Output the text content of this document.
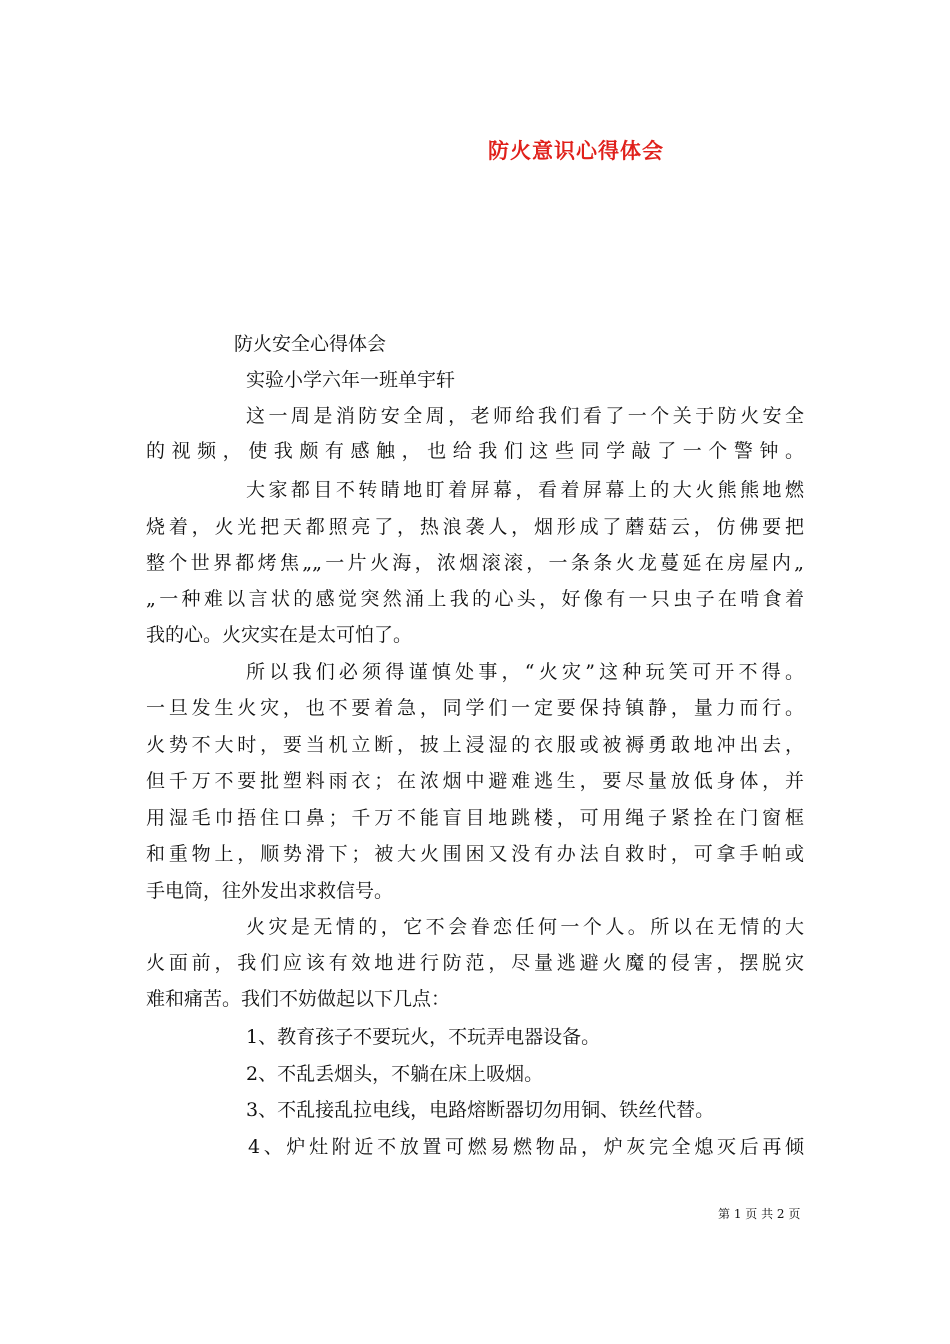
防火意识心得体会
防火安全心得体会
实验小学六年一班单宇轩
这一周是消防安全周，老师给我们看了一个关于防火安全
的视频，使我颇有感触，也给我们这些同学敲了一个警钟。
大家都目不转睛地盯着屏幕，看着屏幕上的大火熊熊地燃
烧着，火光把天都照亮了，热浪袭人，烟形成了蘑菇云，仿佛要把
整个世界都烤焦„„一片火海，浓烟滚滚，一条条火龙蔓延在房屋内„
„一种难以言状的感觉突然涌上我的心头，好像有一只虫子在啃食着
我的心。火灾实在是太可怕了。
所以我们必须得谨慎处事，“火灾”这种玩笑可开不得。
一旦发生火灾，也不要着急，同学们一定要保持镇静，量力而行。
火势不大时，要当机立断，披上浸湿的衣服或被褥勇敢地冲出去，
但千万不要批塑料雨衣；在浓烟中避难逃生，要尽量放低身体，并
用湿毛巾捂住口鼻；千万不能盲目地跳楼，可用绳子紧拴在门窗框
和重物上，顺势滑下；被大火围困又没有办法自救时，可拿手帕或
手电筒，往外发出求救信号。
火灾是无情的，它不会眷恋任何一个人。所以在无情的大
火面前，我们应该有效地进行防范，尽量逃避火魔的侵害，摆脱灾
难和痛苦。我们不妨做起以下几点：
1、教育孩子不要玩火，不玩弄电器设备。
2、不乱丢烟头，不躺在床上吸烟。
3、不乱接乱拉电线，电路熔断器切勿用铜、铁丝代替。
4、炉灶附近不放置可燃易燃物品，炉灰完全熄灭后再倾
第 1 页 共 2 页
